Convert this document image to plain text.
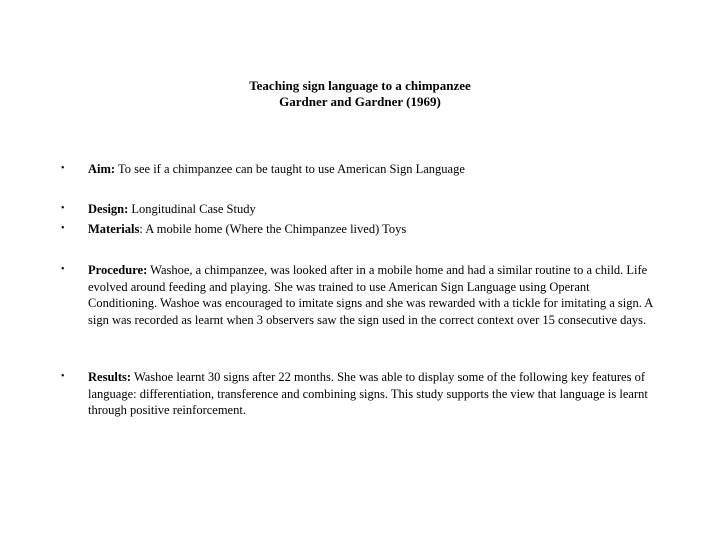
Teaching sign language to a chimpanzee
Gardner and Gardner (1969)
• Aim: To see if a chimpanzee can be taught to use American Sign Language
• Design: Longitudinal Case Study
• Materials: A mobile home (Where the Chimpanzee lived) Toys
• Procedure: Washoe, a chimpanzee, was looked after in a mobile home and had a similar routine to a child. Life evolved around feeding and playing. She was trained to use American Sign Language using Operant Conditioning. Washoe was encouraged to imitate signs and she was rewarded with a tickle for imitating a sign. A sign was recorded as learnt when 3 observers saw the sign used in the correct context over 15 consecutive days.
• Results: Washoe learnt 30 signs after 22 months. She was able to display some of the following key features of language: differentiation, transference and combining signs. This study supports the view that language is learnt through positive reinforcement.
